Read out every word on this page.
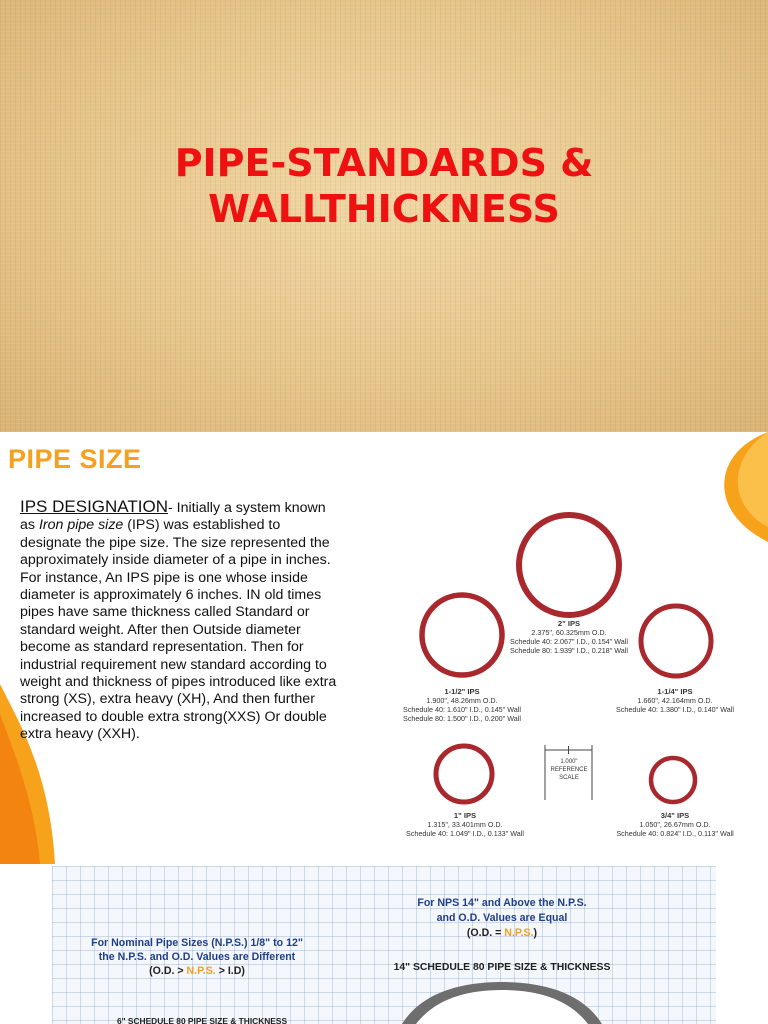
PIPE-STANDARDS &
WALLTHICKNESS
PIPE SIZE
IPS DESIGNATION- Initially a system known
as Iron pipe size (IPS) was established to
designate the pipe size. The size represented the
approximately inside diameter of a pipe in inches.
For instance, An IPS pipe is one whose inside
diameter is approximately 6 inches. IN old times
pipes have same thickness called Standard or
standard weight. After then Outside diameter
become as standard representation. Then for
industrial requirement new standard according to
weight and thickness of pipes introduced like extra
strong (XS), extra heavy (XH), And then further
increased to double extra strong(XXS) Or double
extra heavy (XXH).
2" IPS
2.375", 60.325mm O.D.
Schedule 40: 2.067" I.D., 0.154" Wall
Schedule 80: 1.939" I.D., 0.218" Wall
1-1/2" IPS
1.900", 48.26mm O.D.
Schedule 40: 1.610" I.D., 0.145" Wall
Schedule 80: 1.500" I.D., 0.200" Wall
1-1/4" IPS
1.660", 42.164mm O.D.
Schedule 40: 1.380" I.D., 0.140" Wall
1" IPS
1.315", 33.401mm O.D.
Schedule 40: 1.049" I.D., 0.133" Wall
3/4" IPS
1.050", 26.67mm O.D.
Schedule 40: 0.824" I.D., 0.113" Wall
1.000"
REFERENCE
SCALE
For NPS 14" and Above the N.P.S.
and O.D. Values are Equal
(O.D. = N.P.S.)
For Nominal Pipe Sizes (N.P.S.) 1/8" to 12"
the N.P.S. and O.D. Values are Different
(O.D. > N.P.S. > I.D)	14" SCHEDULE 80 PIPE SIZE & THICKNESS
6" SCHEDULE 80 PIPE SIZE & THICKNESS
